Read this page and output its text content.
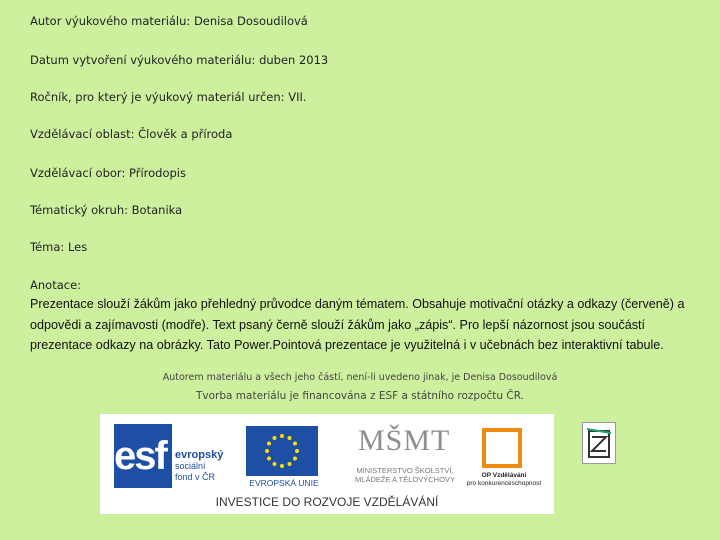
Autor výukového materiálu: Denisa Dosoudilová
Datum vytvoření výukového materiálu: duben 2013
Ročník, pro který je výukový materiál určen: VII.
Vzdělávací oblast: Člověk a příroda
Vzdělávací obor: Přírodopis
Tématický okruh: Botanika
Téma: Les
Anotace:
Prezentace slouží žákům jako přehledný průvodce daným tématem. Obsahuje motivační otázky a odkazy (červeně) a odpovědi a zajímavosti (modře). Text psaný černě slouží žákům jako „zápis“. Pro lepší názornost jsou součástí prezentace odkazy na obrázky. Tato Power.Pointová prezentace je využitelná i v učebnách bez interaktivní tabule.
Autorem materiálu a všech jeho částí, není-li uvedeno jinak, je Denisa Dosoudilová
Tvorba materiálu je financována z ESF a státního rozpočtu ČR.
esf evropský
sociální
fond v ČR
EVROPSKÁ UNIE
MŠMT
MINISTERSTVO ŠKOLSTVÍ,
MLÁDEŽE A TĚLOVÝCHOVY	OP Vzdělávání
pro konkurenceschopnost
INVESTICE DO ROZVOJE VZDĚLÁVÁNÍ
